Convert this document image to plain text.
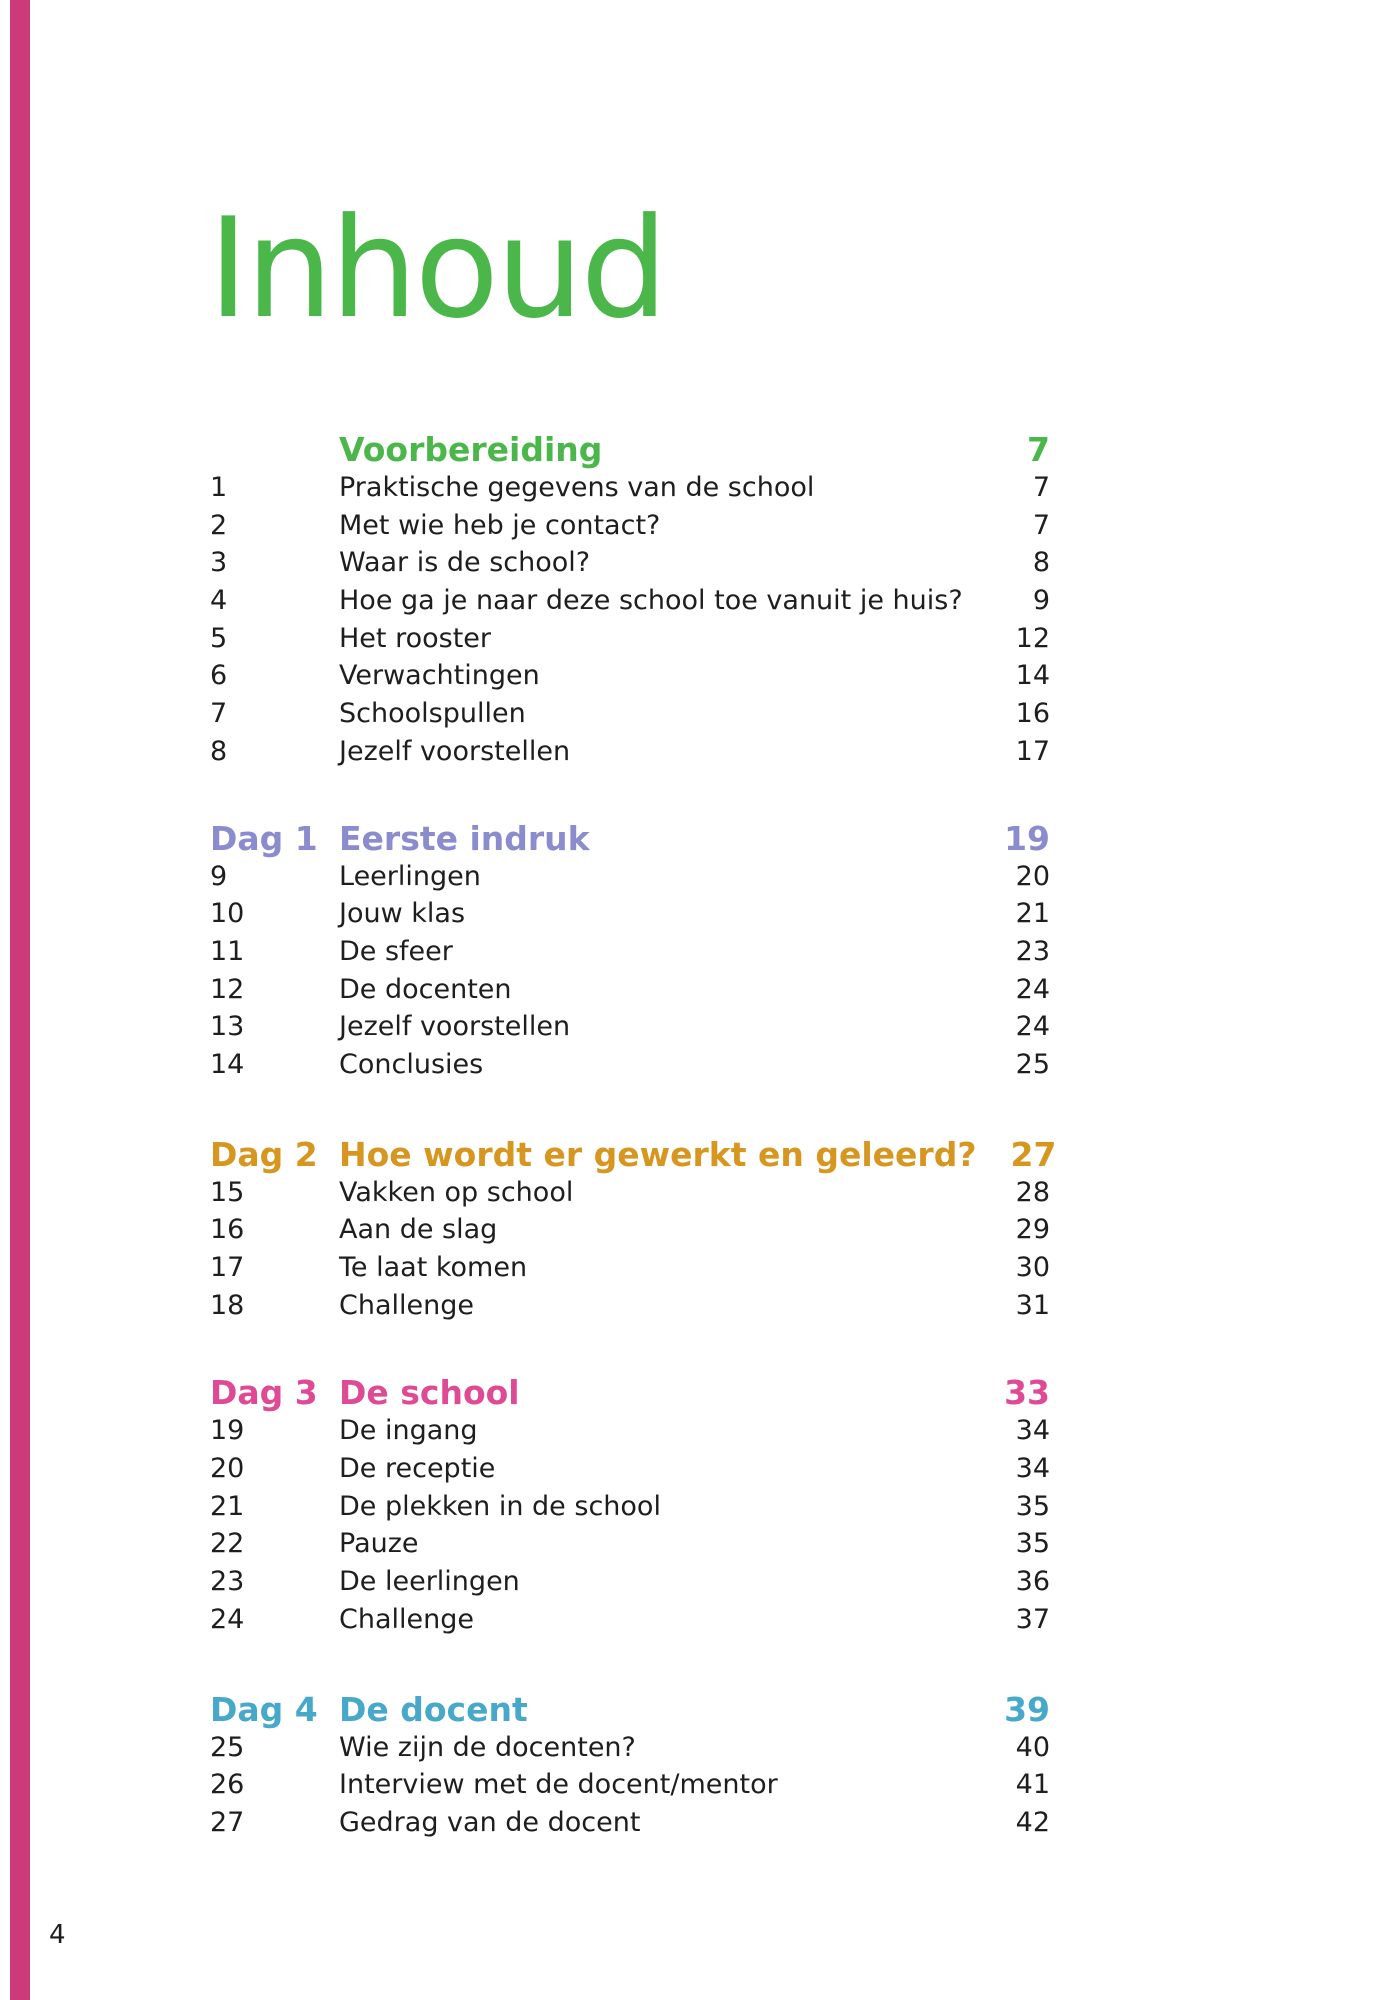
Inhoud
Voorbereiding	7
1	Praktische gegevens van de school	7
2	Met wie heb je contact?	7
3	Waar is de school?	8
4	Hoe ga je naar deze school toe vanuit je huis?	9
5	Het rooster	12
6	Verwachtingen	14
7	Schoolspullen	16
8	Jezelf voorstellen	17
Dag 1 Eerste indruk	19
9	Leerlingen	20
10	Jouw klas	21
11	De sfeer	23
12	De docenten	24
13	Jezelf voorstellen	24
14	Conclusies	25
Dag 2 Hoe wordt er gewerkt en geleerd?	27
15	Vakken op school	28
16	Aan de slag	29
17	Te laat komen	30
18	Challenge	31
Dag 3 De school	33
19	De ingang	34
20	De receptie	34
21	De plekken in de school	35
22	Pauze	35
23	De leerlingen	36
24	Challenge	37
Dag 4 De docent	39
25	Wie zijn de docenten?	40
26	Interview met de docent/mentor	41
27	Gedrag van de docent	42
4
